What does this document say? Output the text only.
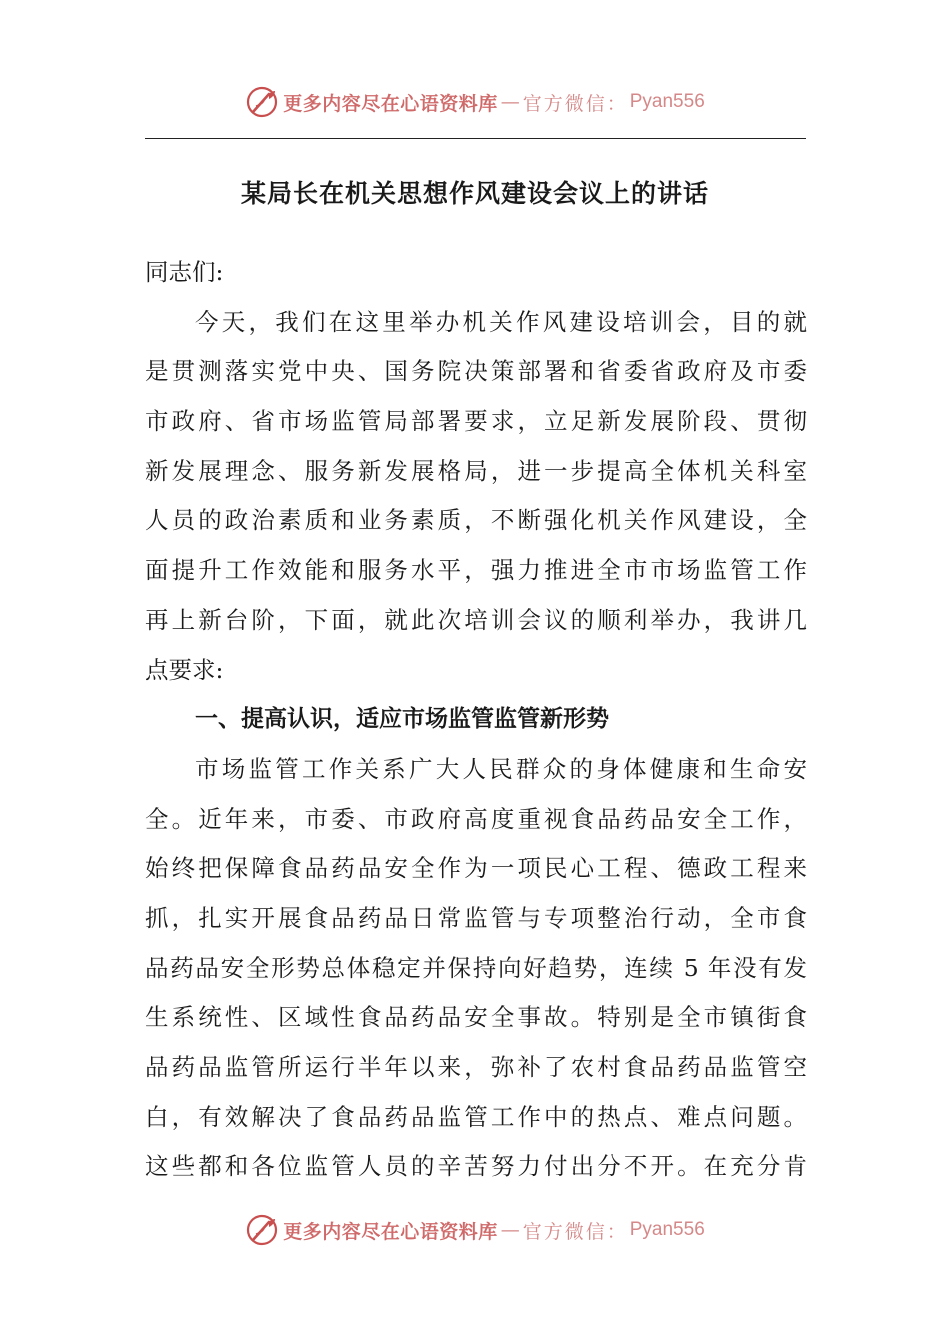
更多内容尽在心语资料库 — 官方微信： Pyan556
某局长在机关思想作风建设会议上的讲话
同志们:
今天，我们在这里举办机关作风建设培训会，目的就
是贯测落实党中央、国务院决策部署和省委省政府及市委
市政府、省市场监管局部署要求，立足新发展阶段、贯彻
新发展理念、服务新发展格局，进一步提高全体机关科室
人员的政治素质和业务素质，不断强化机关作风建设，全
面提升工作效能和服务水平，强力推进全市市场监管工作
再上新台阶，下面，就此次培训会议的顺利举办，我讲几
点要求:
一、提高认识，适应市场监管监管新形势
市场监管工作关系广大人民群众的身体健康和生命安
全。近年来，市委、市政府高度重视食品药品安全工作，
始终把保障食品药品安全作为一项民心工程、德政工程来
抓，扎实开展食品药品日常监管与专项整治行动，全市食
品药品安全形势总体稳定并保持向好趋势，连续 5 年没有发
生系统性、区域性食品药品安全事故。特别是全市镇街食
品药品监管所运行半年以来，弥补了农村食品药品监管空
白，有效解决了食品药品监管工作中的热点、难点问题。
这些都和各位监管人员的辛苦努力付出分不开。在充分肯
更多内容尽在心语资料库 — 官方微信： Pyan556
